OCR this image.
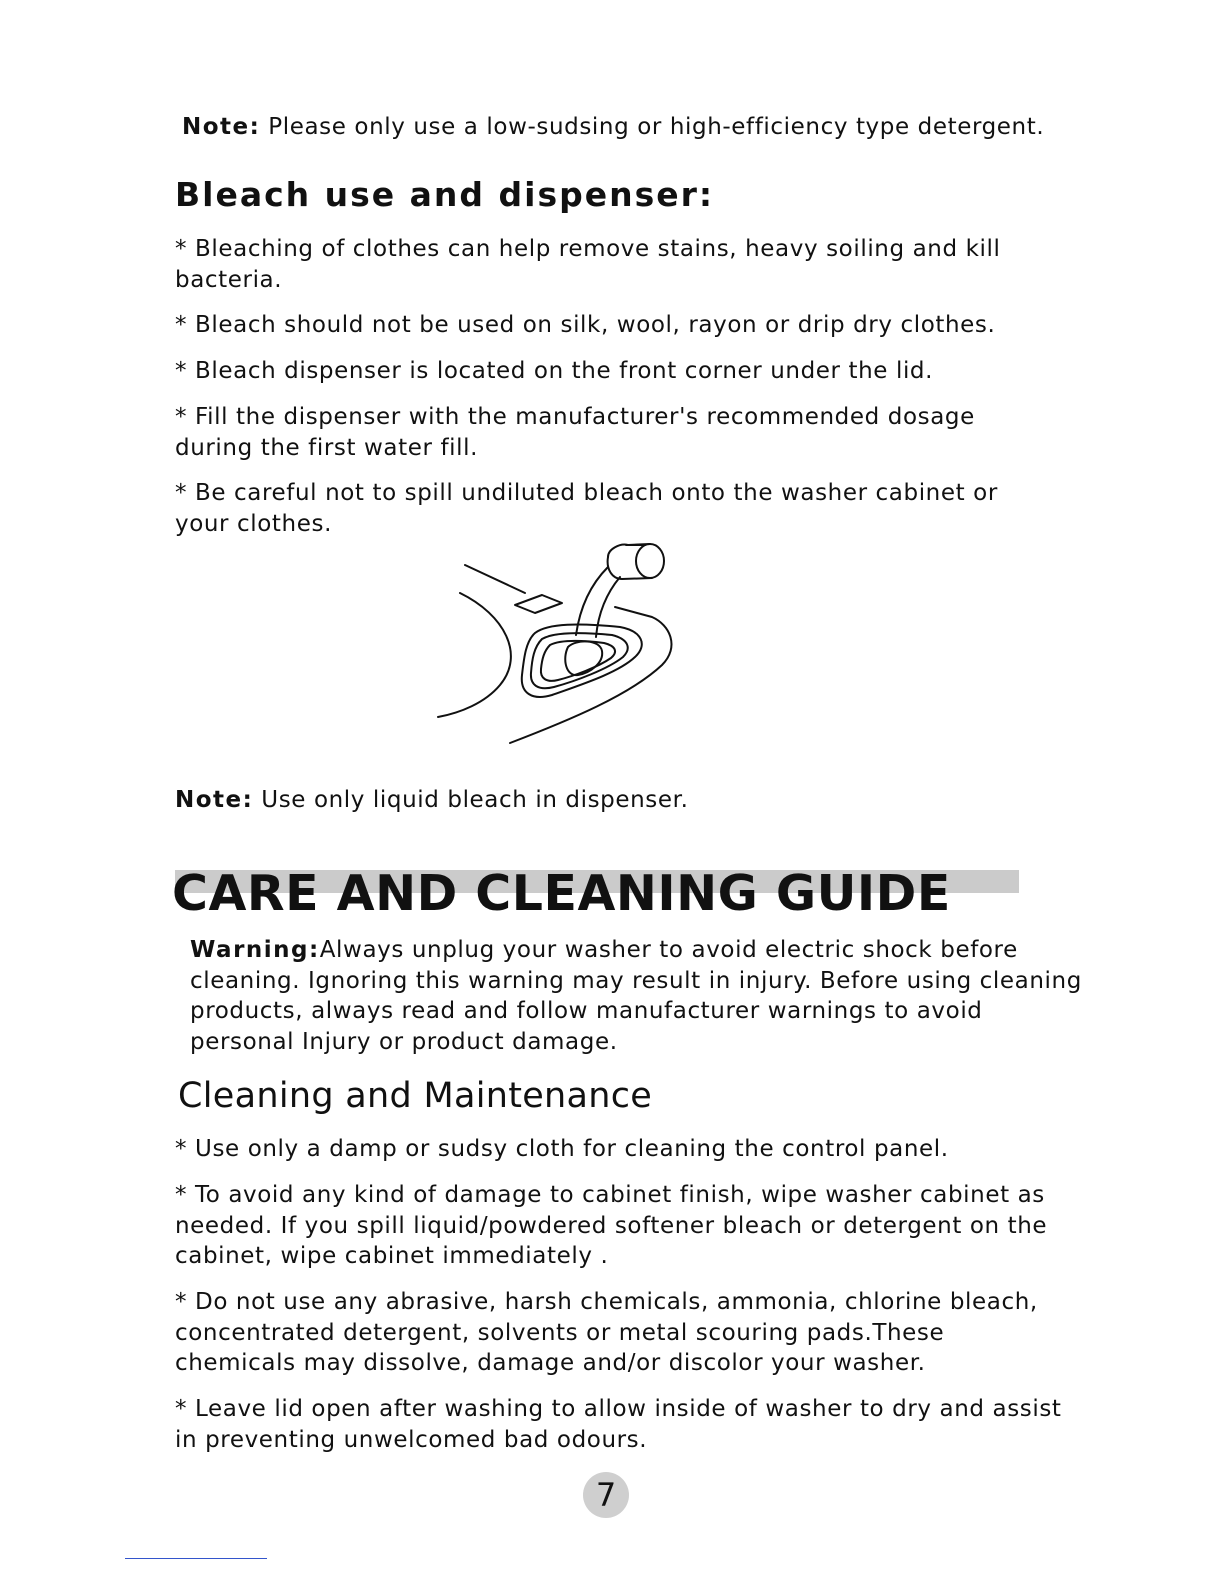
Note: Please only use a low-sudsing or high-efficiency type detergent.
Bleach use and dispenser:
* Bleaching of clothes can help remove stains, heavy soiling and kill
bacteria.
* Bleach should not be used on silk, wool, rayon or drip dry clothes.
* Bleach dispenser is located on the front corner under the lid.
* Fill the dispenser with the manufacturer's recommended dosage
during the first water fill.
* Be careful not to spill undiluted bleach onto the washer cabinet or
your clothes.
Note: Use only liquid bleach in dispenser.
CARE AND CLEANING GUIDE
Warning:Always unplug your washer to avoid electric shock before
cleaning. Ignoring this warning may result in injury. Before using cleaning
products, always read and follow manufacturer warnings to avoid
personal Injury or product damage.
Cleaning and Maintenance
* Use only a damp or sudsy cloth for cleaning the control panel.
* To avoid any kind of damage to cabinet finish, wipe washer cabinet as
needed. If you spill liquid/powdered softener bleach or detergent on the
cabinet, wipe cabinet immediately .
* Do not use any abrasive, harsh chemicals, ammonia, chlorine bleach,
concentrated detergent, solvents or metal scouring pads.These
chemicals may dissolve, damage and/or discolor your washer.
* Leave lid open after washing to allow inside of washer to dry and assist
in preventing unwelcomed bad odours.
7
